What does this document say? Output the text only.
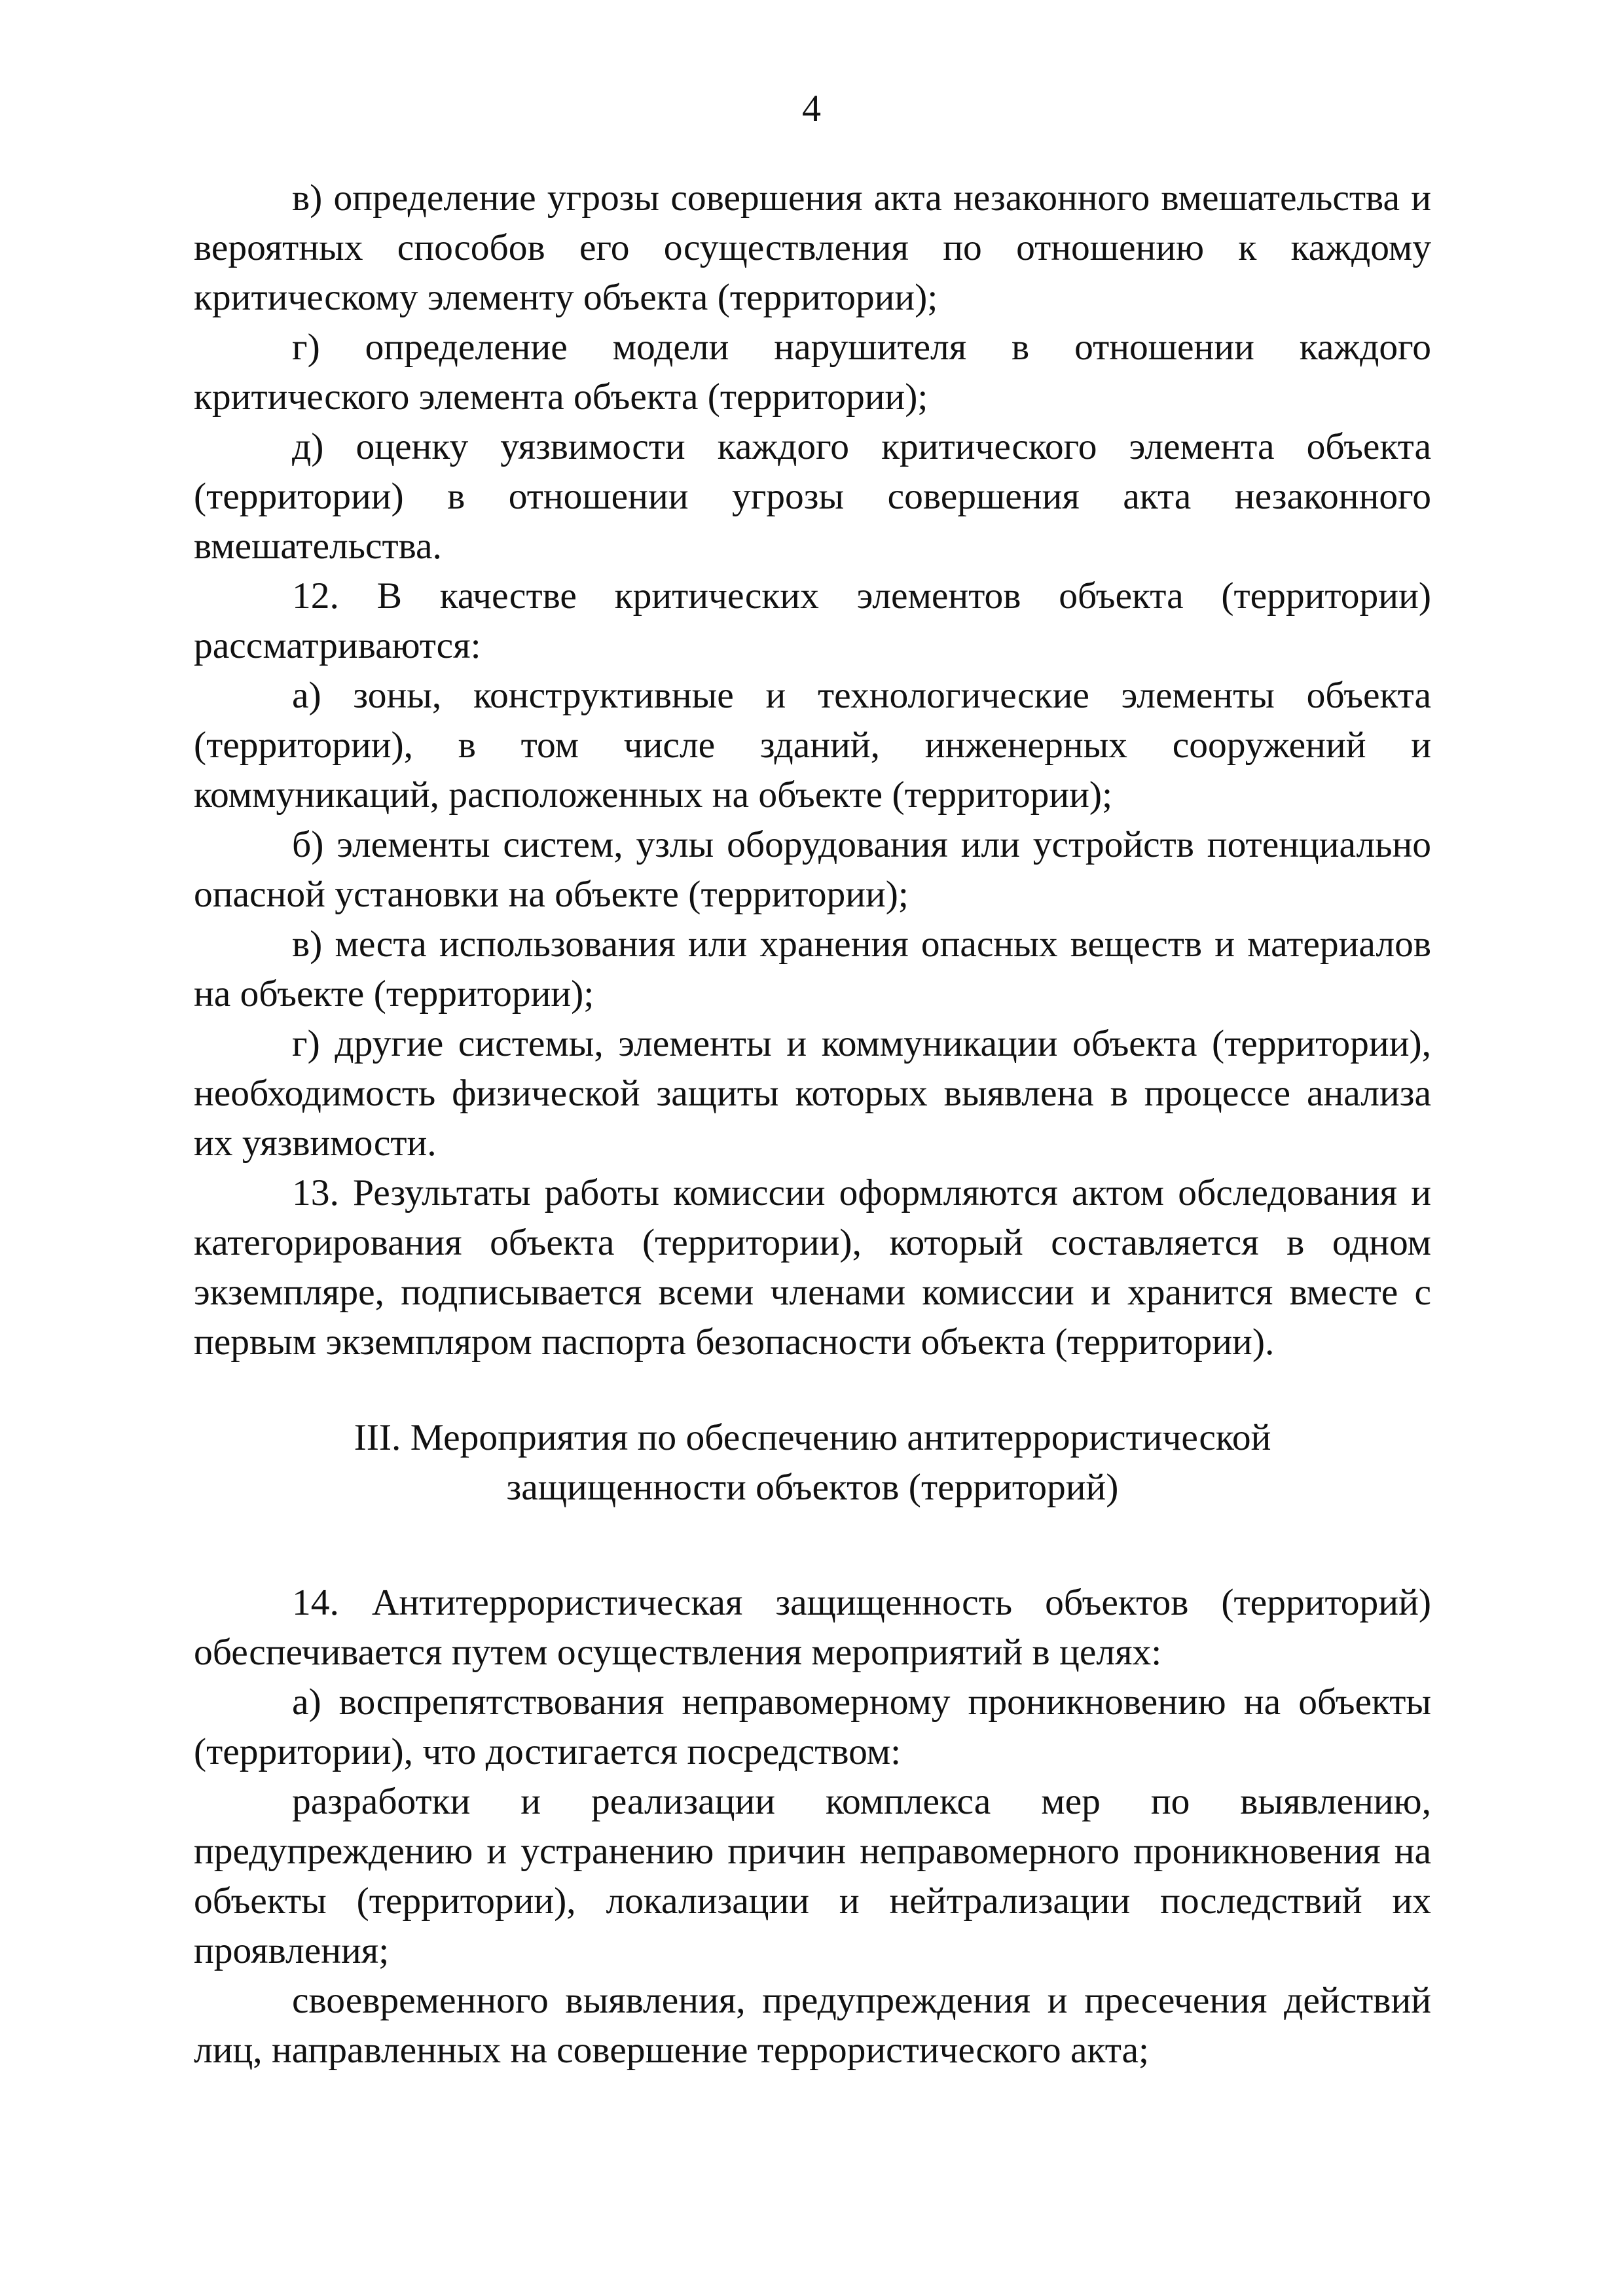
4

в) определение угрозы совершения акта незаконного вмешательства и вероятных способов его осуществления по отношению к каждому критическому элементу объекта (территории);

г) определение модели нарушителя в отношении каждого критического элемента объекта (территории);

д) оценку уязвимости каждого критического элемента объекта (территории) в отношении угрозы совершения акта незаконного вмешательства.

12. В качестве критических элементов объекта (территории) рассматриваются:

а) зоны, конструктивные и технологические элементы объекта (территории), в том числе зданий, инженерных сооружений и коммуникаций, расположенных на объекте (территории);

б) элементы систем, узлы оборудования или устройств потенциально опасной установки на объекте (территории);

в) места использования или хранения опасных веществ и материалов на объекте (территории);

г) другие системы, элементы и коммуникации объекта (территории), необходимость физической защиты которых выявлена в процессе анализа их уязвимости.

13. Результаты работы комиссии оформляются актом обследования и категорирования объекта (территории), который составляется в одном экземпляре, подписывается всеми членами комиссии и хранится вместе с первым экземпляром паспорта безопасности объекта (территории).

III. Мероприятия по обеспечению антитеррористической
защищенности объектов (территорий)

14. Антитеррористическая защищенность объектов (территорий) обеспечивается путем осуществления мероприятий в целях:

а) воспрепятствования неправомерному проникновению на объекты (территории), что достигается посредством:

разработки и реализации комплекса мер по выявлению, предупреждению и устранению причин неправомерного проникновения на объекты (территории), локализации и нейтрализации последствий их проявления;

своевременного выявления, предупреждения и пресечения действий лиц, направленных на совершение террористического акта;
